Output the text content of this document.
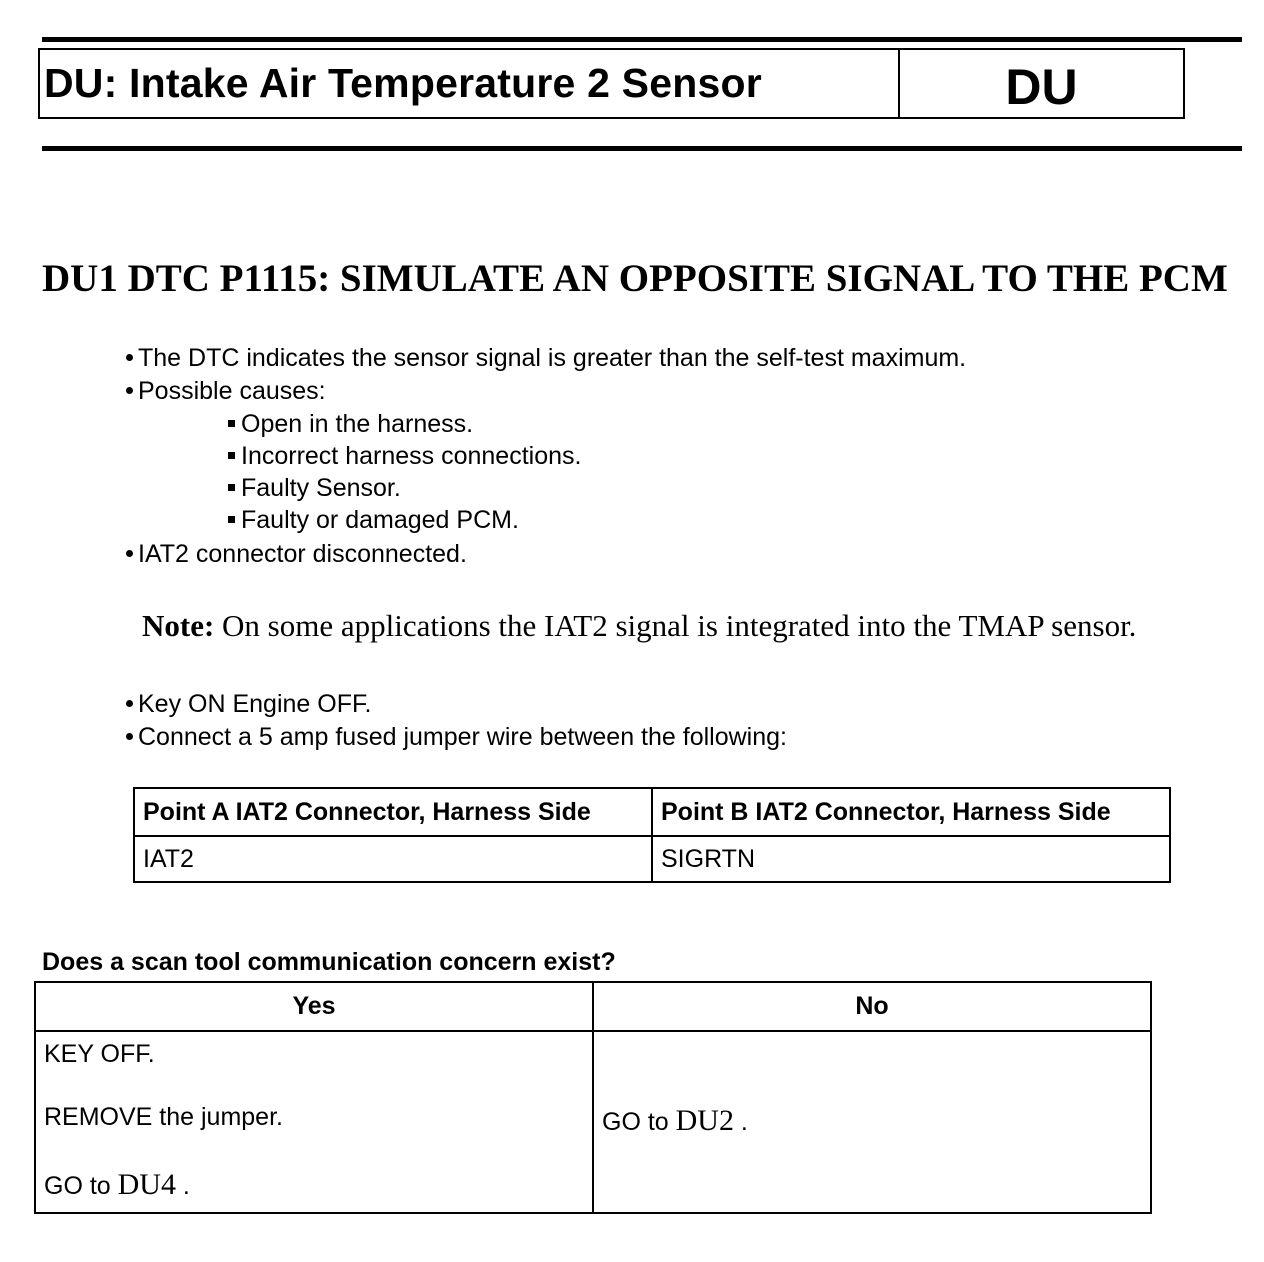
DU: Intake Air Temperature 2 Sensor	DU
DU1 DTC P1115: SIMULATE AN OPPOSITE SIGNAL TO THE PCM
The DTC indicates the sensor signal is greater than the self-test maximum.
Possible causes:
Open in the harness.
Incorrect harness connections.
Faulty Sensor.
Faulty or damaged PCM.
IAT2 connector disconnected.
Note: On some applications the IAT2 signal is integrated into the TMAP sensor.
Key ON Engine OFF.
Connect a 5 amp fused jumper wire between the following:
Point A IAT2 Connector, Harness Side	Point B IAT2 Connector, Harness Side
IAT2	SIGRTN
Does a scan tool communication concern exist?
Yes	No

KEY OFF.
REMOVE the jumper.
GO to DU4 .	GO to DU2 .
